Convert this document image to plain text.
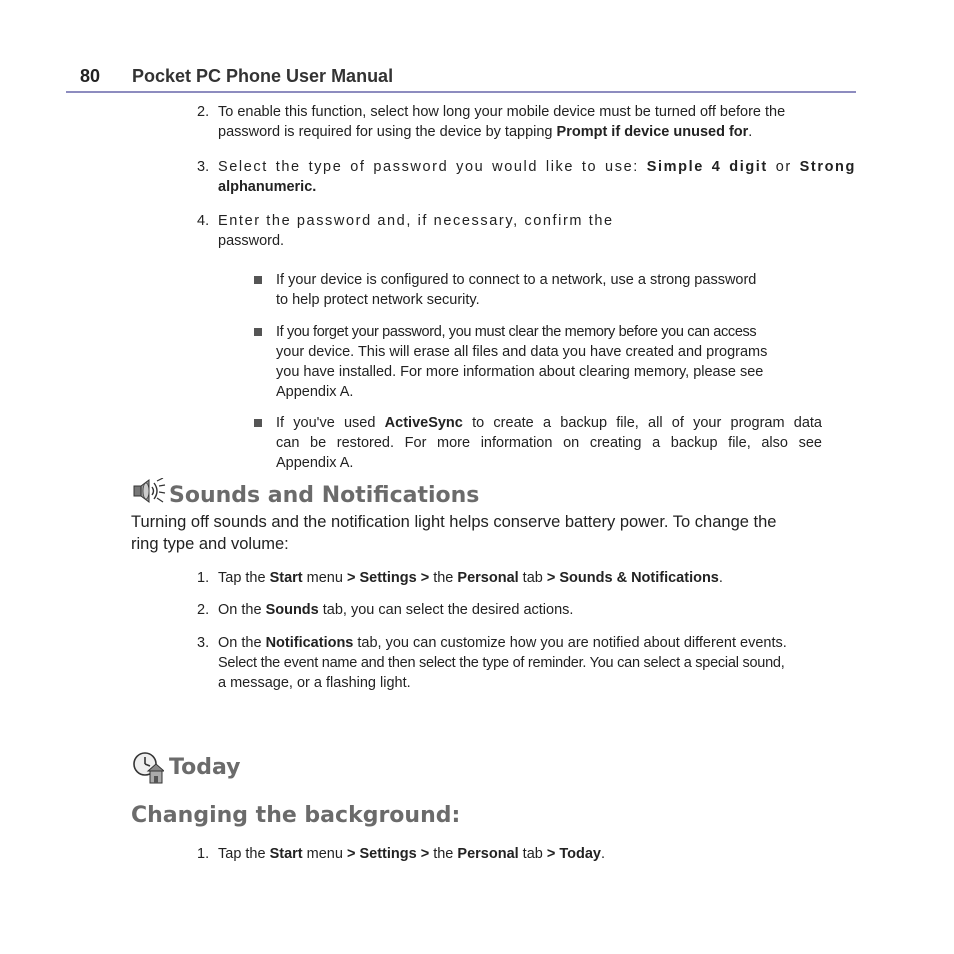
80 Pocket PC Phone User Manual
2. To enable this function, select how long your mobile device must be turned off before the
password is required for using the device by tapping Prompt if device unused for.
3. Select the type of password you would like to use: Simple 4 digit or Strong
alphanumeric.
4. Enter the password and, if necessary, confirm the
password.
If your device is configured to connect to a network, use a strong password
to help protect network security.
If you forget your password, you must clear the memory before you can access
your device. This will erase all files and data you have created and programs
you have installed. For more information about clearing memory, please see
Appendix A.
If you've used ActiveSync to create a backup file, all of your program data
can be restored. For more information on creating a backup file, also see
Appendix A.
Sounds and Notifications
Turning off sounds and the notification light helps conserve battery power. To change the
ring type and volume:
1. Tap the Start menu > Settings > the Personal tab > Sounds & Notifications.
2. On the Sounds tab, you can select the desired actions.
3. On the Notifications tab, you can customize how you are notified about different events.
Select the event name and then select the type of reminder. You can select a special sound,
a message, or a flashing light.
Today
Changing the background:
1. Tap the Start menu > Settings > the Personal tab > Today.
